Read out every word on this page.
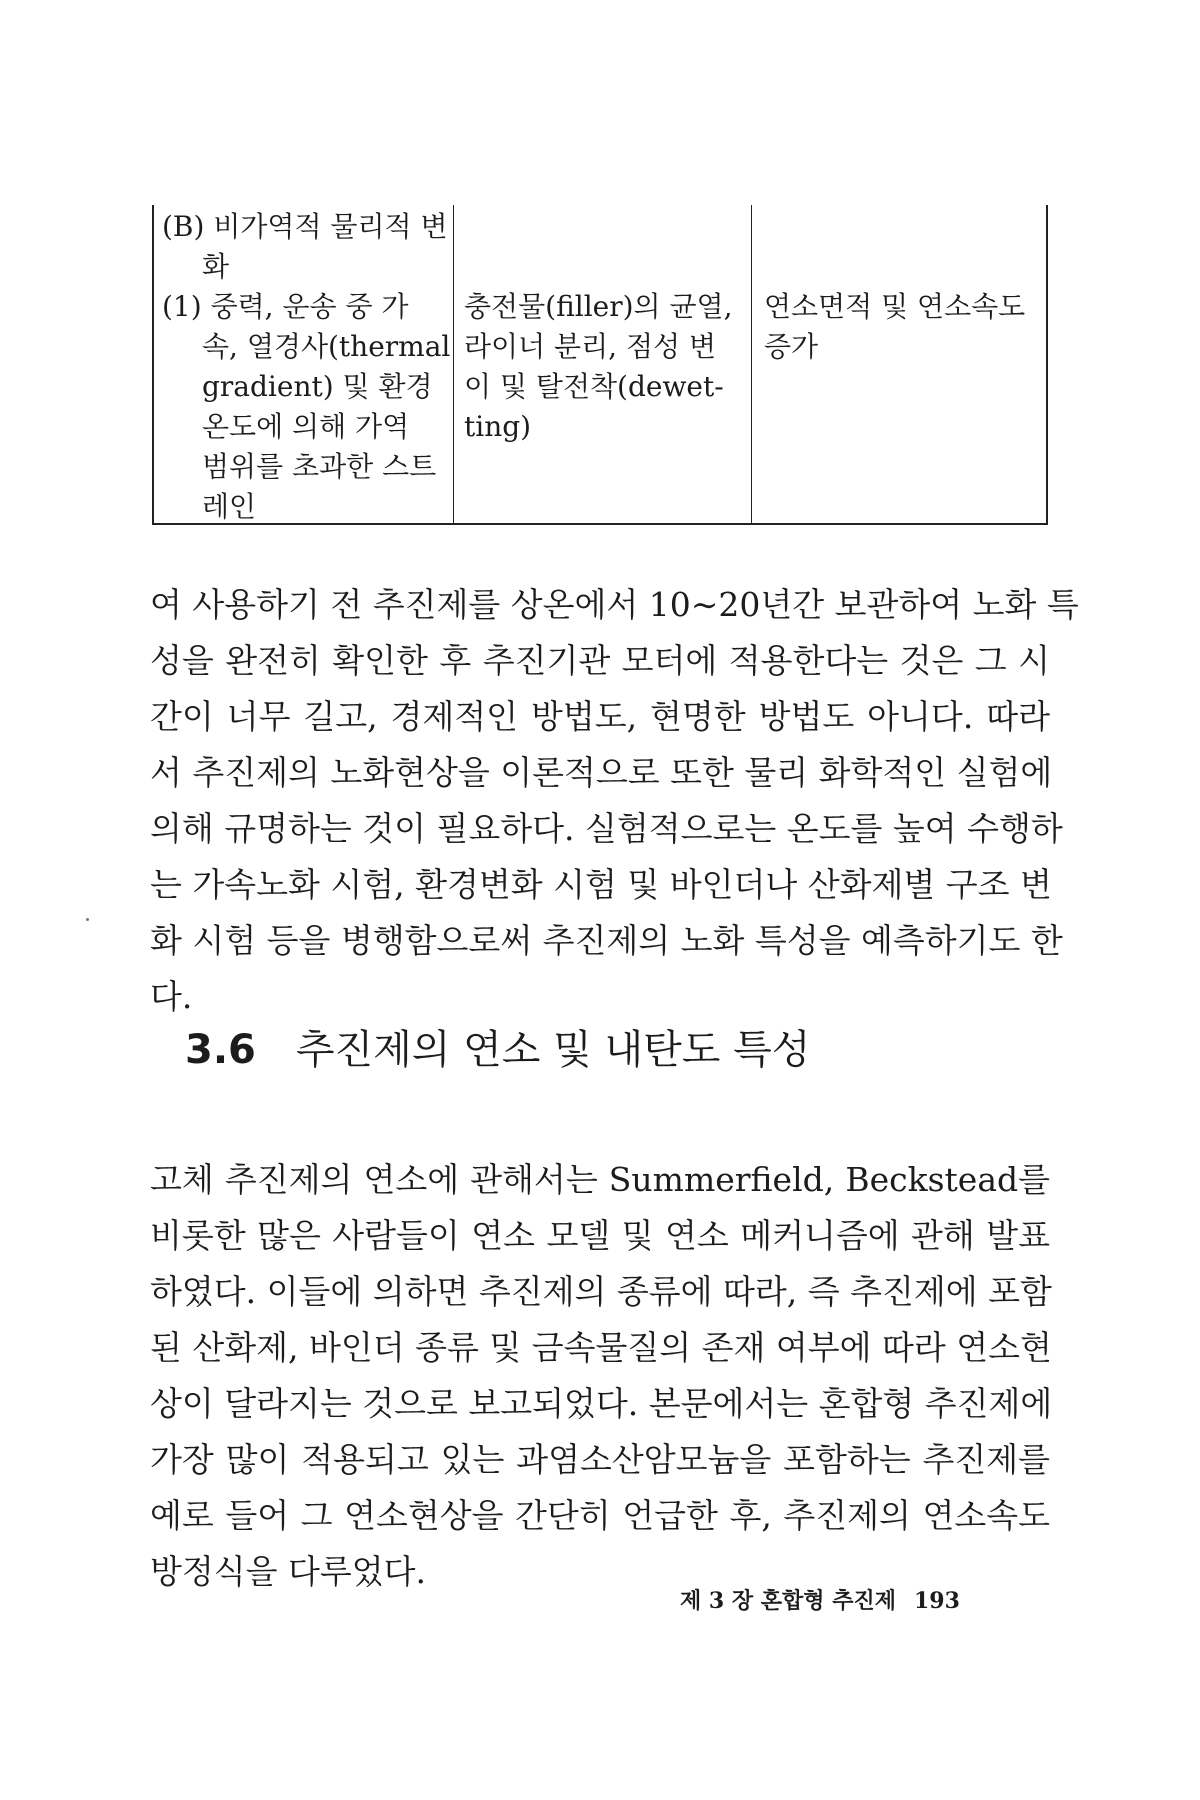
(B) 비가역적 물리적 변
화
(1) 중력, 운송 중 가
속, 열경사(thermal
gradient) 및 환경
온도에 의해 가역
범위를 초과한 스트
레인
충전물(filler)의 균열,
라이너 분리, 점성 변
이 및 탈전착(dewet-
ting)
연소면적 및 연소속도
증가
여 사용하기 전 추진제를 상온에서 10∼20년간 보관하여 노화 특
성을 완전히 확인한 후 추진기관 모터에 적용한다는 것은 그 시
간이 너무 길고, 경제적인 방법도, 현명한 방법도 아니다. 따라
서 추진제의 노화현상을 이론적으로 또한 물리 화학적인 실험에
의해 규명하는 것이 필요하다. 실험적으로는 온도를 높여 수행하
는 가속노화 시험, 환경변화 시험 및 바인더나 산화제별 구조 변
화 시험 등을 병행함으로써 추진제의 노화 특성을 예측하기도 한
다.
3.6 추진제의 연소 및 내탄도 특성
고체 추진제의 연소에 관해서는 Summerfield, Beckstead를
비롯한 많은 사람들이 연소 모델 및 연소 메커니즘에 관해 발표
하였다. 이들에 의하면 추진제의 종류에 따라, 즉 추진제에 포함
된 산화제, 바인더 종류 및 금속물질의 존재 여부에 따라 연소현
상이 달라지는 것으로 보고되었다. 본문에서는 혼합형 추진제에
가장 많이 적용되고 있는 과염소산암모늄을 포함하는 추진제를
예로 들어 그 연소현상을 간단히 언급한 후, 추진제의 연소속도
방정식을 다루었다.
제 3 장 혼합형 추진제 193
